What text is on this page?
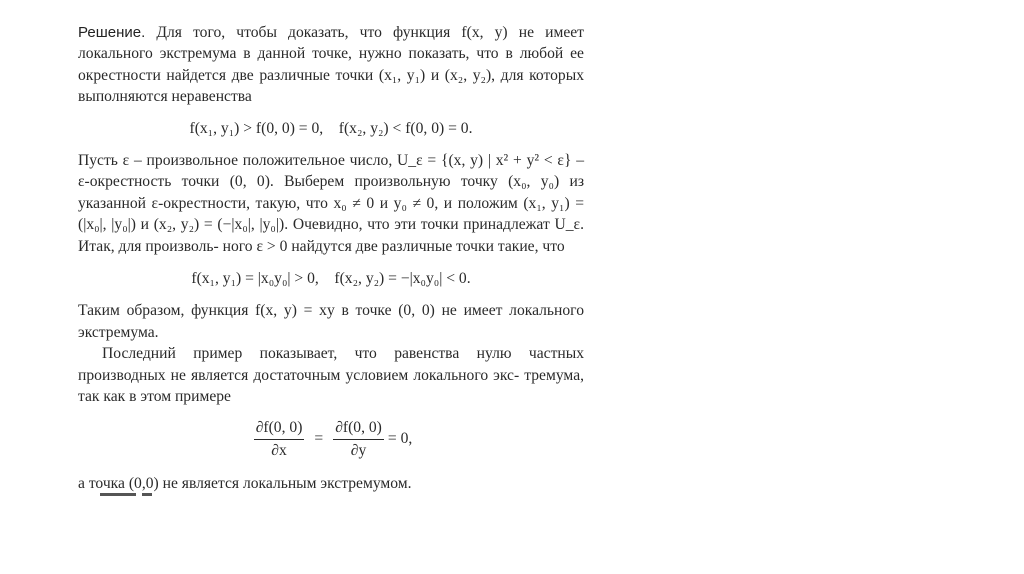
Решение. Для того, чтобы доказать, что функция f(x, y) не имеет локального экстремума в данной точке, нужно показать, что в любой ее окрестности найдется две различные точки (x₁, y₁) и (x₂, y₂), для которых выполняются неравенства

f(x₁, y₁) > f(0, 0) = 0,    f(x₂, y₂) < f(0, 0) = 0.

Пусть ε – произвольное положительное число, U_ε = {(x, y) | x² + y² < ε} – ε-окрестность точки (0, 0). Выберем произвольную точку (x₀, y₀) из указанной ε-окрестности, такую, что x₀ ≠ 0 и y₀ ≠ 0, и положим (x₁, y₁) = (|x₀|, |y₀|) и (x₂, y₂) = (−|x₀|, |y₀|). Очевидно, что эти точки принадлежат U_ε. Итак, для произволь- ного ε > 0 найдутся две различные точки такие, что

f(x₁, y₁) = |x₀y₀| > 0,    f(x₂, y₂) = −|x₀y₀| < 0.

Таким образом, функция f(x, y) = xy в точке (0, 0) не имеет локального экстремума.

Последний пример показывает, что равенства нулю частных производных не является достаточным условием локального экс- тремума, так как в этом примере

$\frac{\partial f(0, 0)}{\partial x} = \frac{\partial f(0, 0)}{\partial y} = 0$,

а точка (0,0) не является локальным экстремумом.
